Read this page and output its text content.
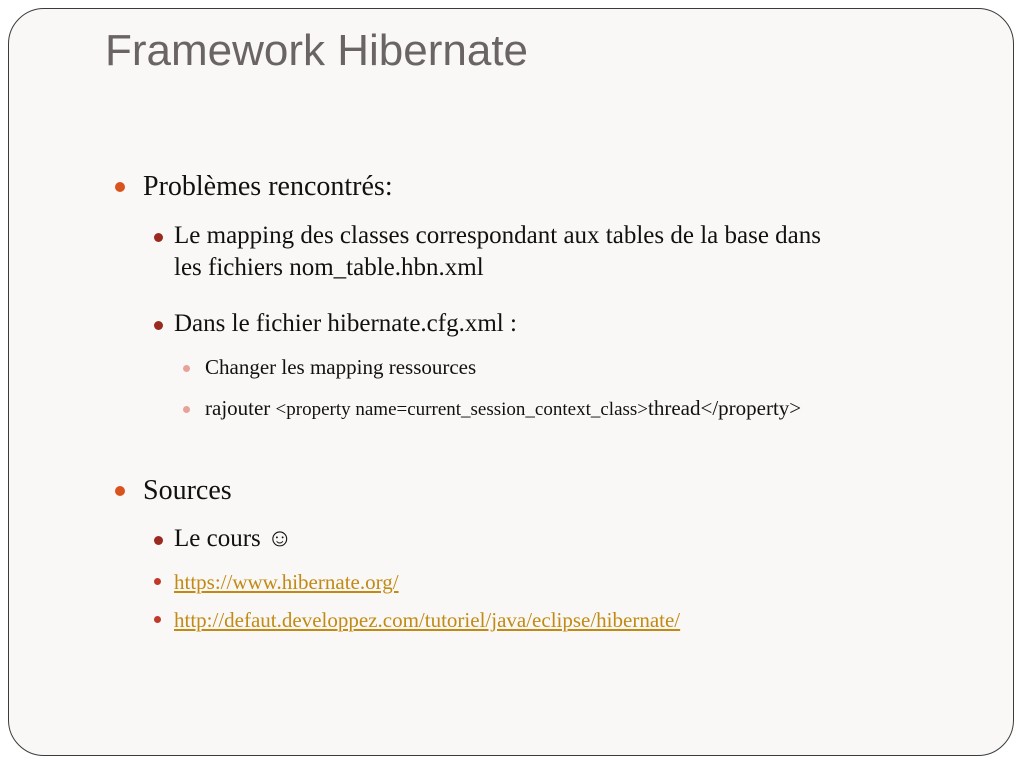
Framework Hibernate
Problèmes rencontrés:
Le mapping des classes correspondant aux tables de la base dans
les fichiers nom_table.hbn.xml
Dans le fichier hibernate.cfg.xml :
Changer les mapping ressources
rajouter <property name=current_session_context_class>thread</property>
Sources
Le cours ☺
https://www.hibernate.org/
http://defaut.developpez.com/tutoriel/java/eclipse/hibernate/
